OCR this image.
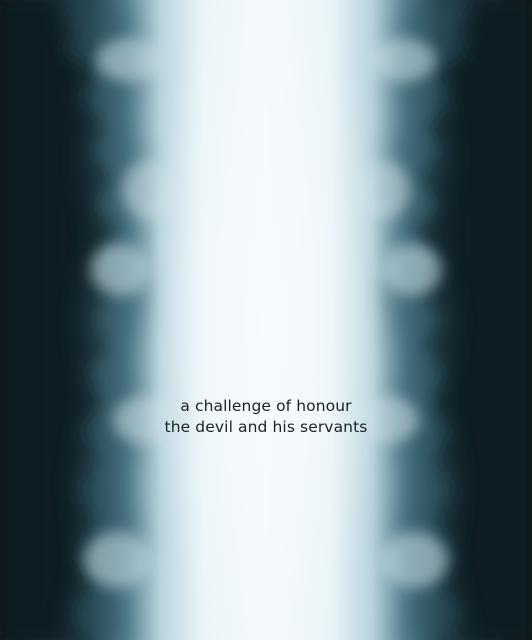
a challenge of honour
the devil and his servants
